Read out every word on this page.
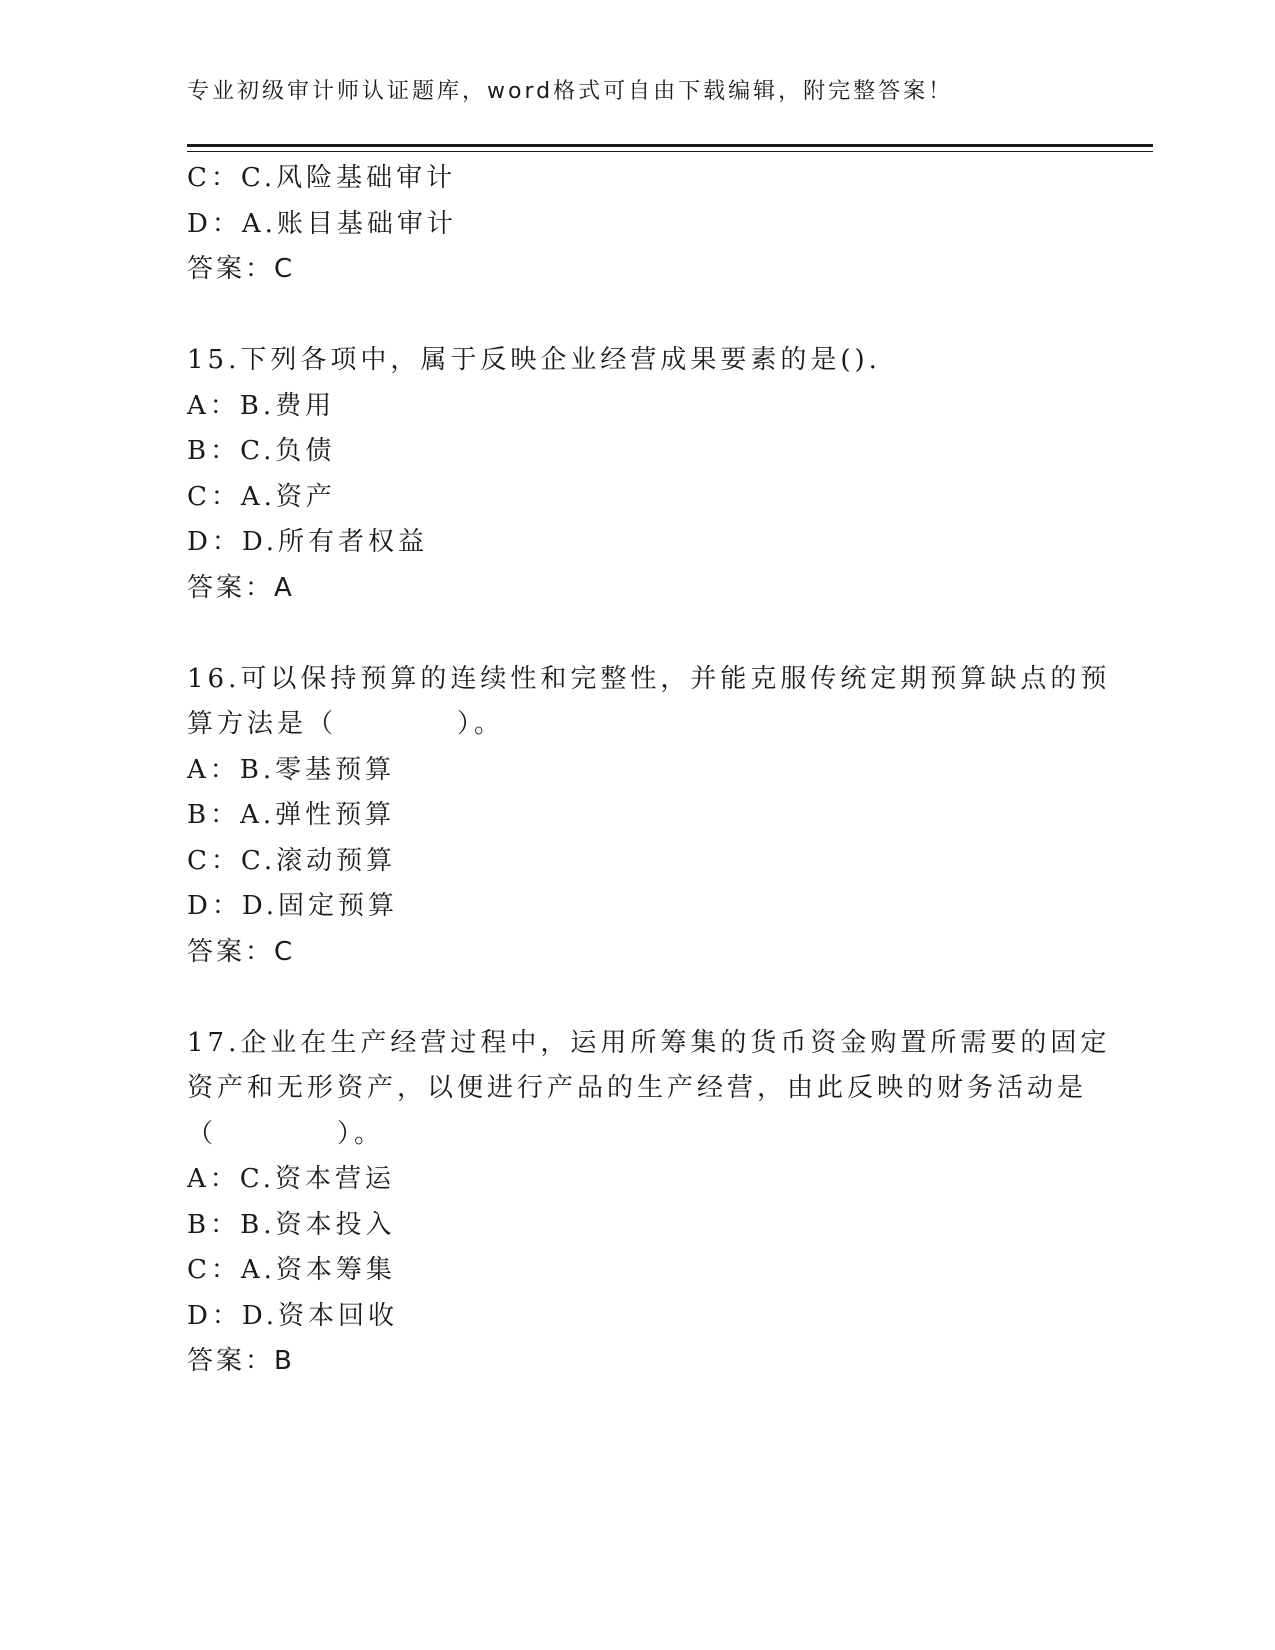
专业初级审计师认证题库，word格式可自由下载编辑，附完整答案！
C：C.风险基础审计
D：A.账目基础审计
答案：C
15.下列各项中，属于反映企业经营成果要素的是().
A：B.费用
B：C.负债
C：A.资产
D：D.所有者权益
答案：A
16.可以保持预算的连续性和完整性，并能克服传统定期预算缺点的预
算方法是（　　　　）。
A：B.零基预算
B：A.弹性预算
C：C.滚动预算
D：D.固定预算
答案：C
17.企业在生产经营过程中，运用所筹集的货币资金购置所需要的固定
资产和无形资产，以便进行产品的生产经营，由此反映的财务活动是
（　　　　）。
A：C.资本营运
B：B.资本投入
C：A.资本筹集
D：D.资本回收
答案：B
